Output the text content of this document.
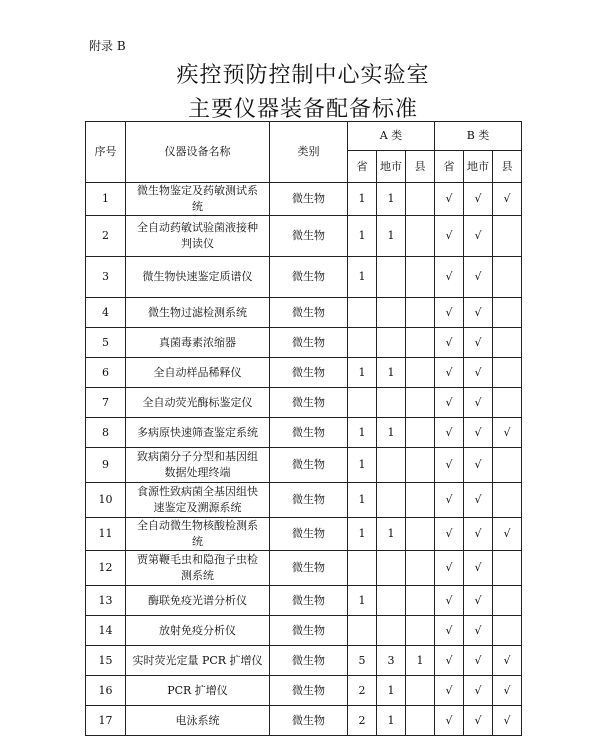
附录 B
疾控预防控制中心实验室
主要仪器装备配备标准
序号	仪器设备名称	类别	A 类			B 类		
			省	地市	县	省	地市	县
1	微生物鉴定及药敏测试系统	微生物	1	1		√	√	√
2	全自动药敏试验菌液接种判读仪	微生物	1	1		√	√	
3	微生物快速鉴定质谱仪	微生物	1			√	√	
4	微生物过滤检测系统	微生物				√	√	
5	真菌毒素浓缩器	微生物				√	√	
6	全自动样品稀释仪	微生物	1	1		√	√	
7	全自动荧光酶标鉴定仪	微生物				√	√	
8	多病原快速筛查鉴定系统	微生物	1	1		√	√	√
9	致病菌分子分型和基因组数据处理终端	微生物	1			√	√	
10	食源性致病菌全基因组快速鉴定及溯源系统	微生物	1			√	√	
11	全自动微生物核酸检测系统	微生物	1	1		√	√	√
12	贾第鞭毛虫和隐孢子虫检测系统	微生物				√	√	
13	酶联免疫光谱分析仪	微生物	1			√	√	
14	放射免疫分析仪	微生物				√	√	
15	实时荧光定量 PCR 扩增仪	微生物	5	3	1	√	√	√
16	PCR 扩增仪	微生物	2	1		√	√	√
17	电泳系统	微生物	2	1		√	√	√
